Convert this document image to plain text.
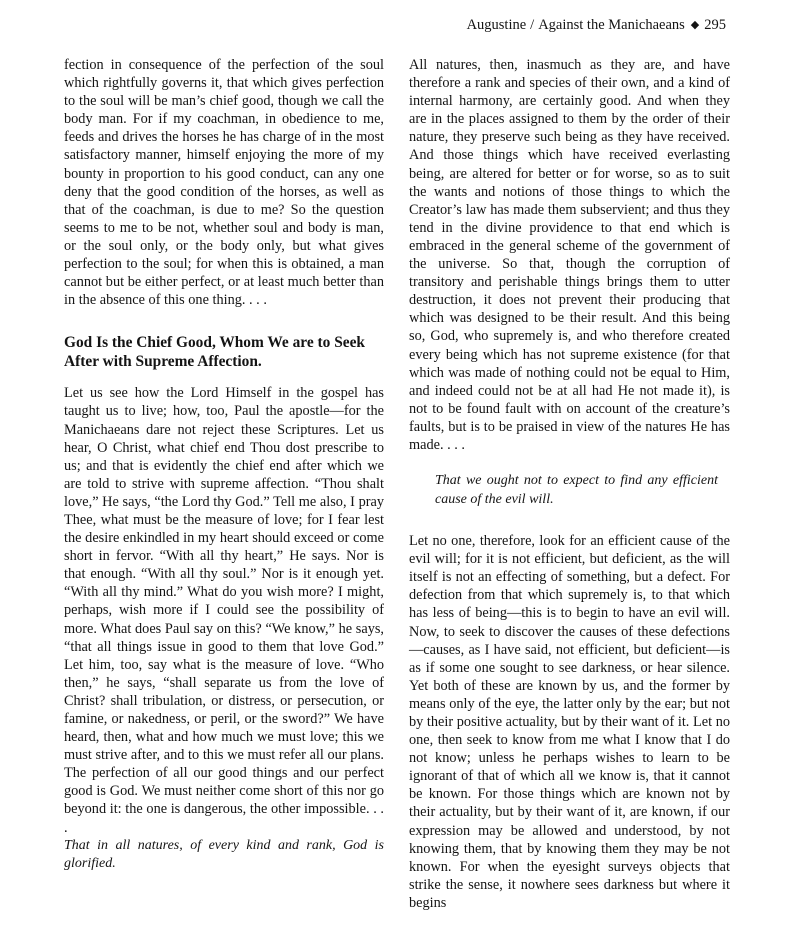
Augustine / Against the Manichaeans ◆ 295

fection in consequence of the perfection of the soul which rightfully governs it, that which gives perfection to the soul will be man’s chief good, though we call the body man. For if my coachman, in obedience to me, feeds and drives the horses he has charge of in the most satisfactory manner, himself enjoying the more of my bounty in proportion to his good conduct, can any one deny that the good condition of the horses, as well as that of the coachman, is due to me? So the question seems to me to be not, whether soul and body is man, or the soul only, or the body only, but what gives perfection to the soul; for when this is obtained, a man cannot but be either perfect, or at least much better than in the absence of this one thing. . . .

God Is the Chief Good, Whom We are to Seek After with Supreme Affection.

Let us see how the Lord Himself in the gospel has taught us to live; how, too, Paul the apostle—for the Manichaeans dare not reject these Scriptures. Let us hear, O Christ, what chief end Thou dost prescribe to us; and that is evidently the chief end after which we are told to strive with supreme affection. “Thou shalt love,” He says, “the Lord thy God.” Tell me also, I pray Thee, what must be the measure of love; for I fear lest the desire enkindled in my heart should exceed or come short in fervor. “With all thy heart,” He says. Nor is that enough. “With all thy soul.” Nor is it enough yet. “With all thy mind.” What do you wish more? I might, perhaps, wish more if I could see the possibility of more. What does Paul say on this? “We know,” he says, “that all things issue in good to them that love God.” Let him, too, say what is the measure of love. “Who then,” he says, “shall separate us from the love of Christ? shall tribulation, or distress, or persecution, or famine, or nakedness, or peril, or the sword?” We have heard, then, what and how much we must love; this we must strive after, and to this we must refer all our plans. The perfection of all our good things and our perfect good is God. We must neither come short of this nor go beyond it: the one is dangerous, the other impossible. . . .

That in all natures, of every kind and rank, God is glorified.

All natures, then, inasmuch as they are, and have therefore a rank and species of their own, and a kind of internal harmony, are certainly good. And when they are in the places assigned to them by the order of their nature, they preserve such being as they have received. And those things which have received everlasting being, are altered for better or for worse, so as to suit the wants and notions of those things to which the Creator’s law has made them subservient; and thus they tend in the divine providence to that end which is embraced in the general scheme of the government of the universe. So that, though the corruption of transitory and perishable things brings them to utter destruction, it does not prevent their producing that which was designed to be their result. And this being so, God, who supremely is, and who therefore created every being which has not supreme existence (for that which was made of nothing could not be equal to Him, and indeed could not be at all had He not made it), is not to be found fault with on account of the creature’s faults, but is to be praised in view of the natures He has made. . . .

That we ought not to expect to find any efficient cause of the evil will.

Let no one, therefore, look for an efficient cause of the evil will; for it is not efficient, but deficient, as the will itself is not an effecting of something, but a defect. For defection from that which supremely is, to that which has less of being—this is to begin to have an evil will. Now, to seek to discover the causes of these defections—causes, as I have said, not efficient, but deficient—is as if some one sought to see darkness, or hear silence. Yet both of these are known by us, and the former by means only of the eye, the latter only by the ear; but not by their positive actuality, but by their want of it. Let no one, then seek to know from me what I know that I do not know; unless he perhaps wishes to learn to be ignorant of that of which all we know is, that it cannot be known. For those things which are known not by their actuality, but by their want of it, are known, if our expression may be allowed and understood, by not knowing them, that by knowing them they may be not known. For when the eyesight surveys objects that strike the sense, it nowhere sees darkness but where it begins
